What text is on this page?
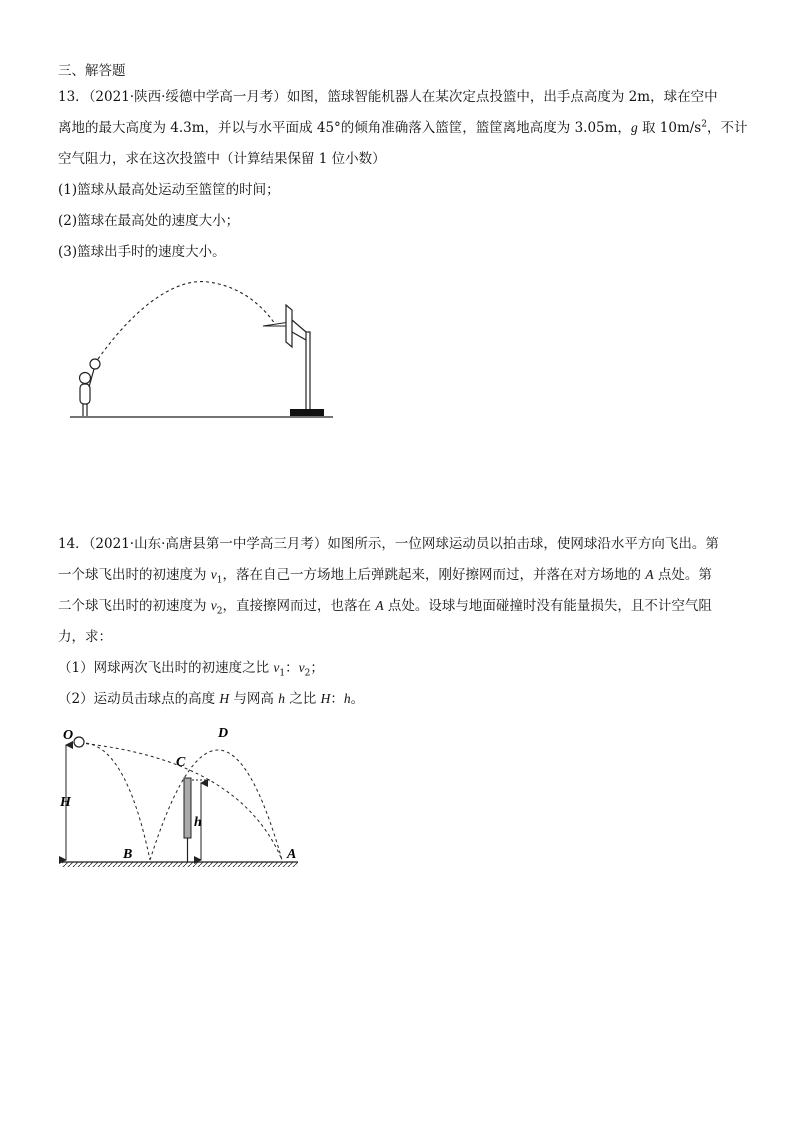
三、解答题
13．（2021·陕西·绥德中学高一月考）如图，篮球智能机器人在某次定点投篮中，出手点高度为 2m，球在空中
离地的最大高度为 4.3m，并以与水平面成 45°的倾角准确落入篮筐，篮筐离地高度为 3.05m，g 取 $10m/s^2$，不计
空气阻力，求在这次投篮中（计算结果保留 1 位小数）
(1)篮球从最高处运动至篮筐的时间；
(2)篮球在最高处的速度大小；
(3)篮球出手时的速度大小。
14．（2021·山东·高唐县第一中学高三月考）如图所示，一位网球运动员以拍击球，使网球沿水平方向飞出。第
一个球飞出时的初速度为 $v_1$，落在自己一方场地上后弹跳起来，刚好擦网而过，并落在对方场地的 A 点处。第
二个球飞出时的初速度为 $v_2$，直接擦网而过，也落在 A 点处。设球与地面碰撞时没有能量损失，且不计空气阻
力，求：
（1）网球两次飞出时的初速度之比 $v_1$：$v_2$；
（2）运动员击球点的高度 H 与网高 h 之比 H：h。
O	D
C
H
h
B	A
